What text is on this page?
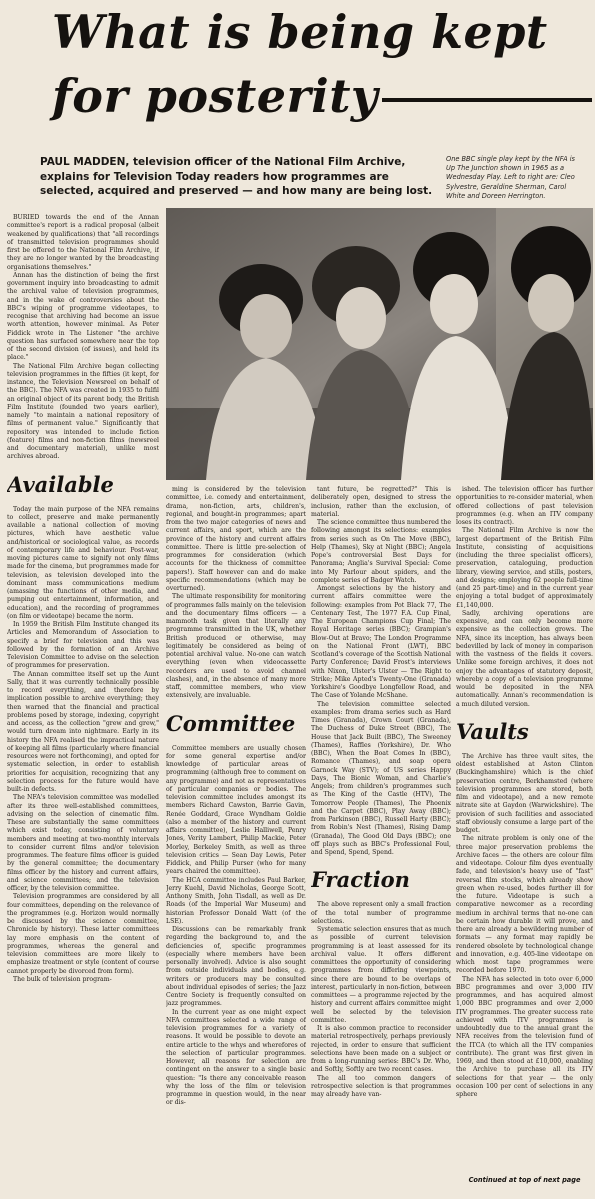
What is being kept
for posterity
PAUL MADDEN, television officer of the National Film Archive, explains for Television Today readers how programmes are selected, acquired and preserved — and how many are being lost.
One BBC single play kept by the NFA is Up The Junction shown in 1965 as a Wednesday Play. Left to right are: Cleo Sylvestre, Geraldine Sherman, Carol White and Doreen Herrington.

BURIED towards the end of the Annan committee's report is a radical proposal (albeit weakened by qualifications) that "all recordings of transmitted television programmes should first be offered to the National Film Archive, if they are no longer wanted by the broadcasting organisations themselves."

Annan has the distinction of being the first government inquiry into broadcasting to admit the archival value of television programmes, and in the wake of controversies about the BBC's wiping of programme videotapes, to recognise that archiving had become an issue worth attention, however minimal. As Peter Fiddick wrote in The Listener "the archive question has surfaced somewhere near the top of the second division (of issues), and held its place."

The National Film Archive began collecting television programmes in the fifties (it kept, for instance, the Television Newsreel on behalf of the BBC). The NFA was created in 1935 to fulfil an original object of its parent body, the British Film Institute (founded two years earlier), namely "to maintain a national repository of films of permanent value." Significantly that repository was intended to include fiction (feature) films and non-fiction films (newsreel and documentary material), unlike most archives abroad.

Available

Today the main purpose of the NFA remains to collect, preserve and make permanently available a national collection of moving pictures, which have aesthetic value and/historical or sociological value, as records of contemporary life and behaviour. Post-war, moving pictures came to signify not only films made for the cinema, but programmes made for television, as television developed into the dominant mass communications medium (amassing the functions of other media, and pumping out entertainment, information, and education), and the recording of programmes (on film or videotape) became the norm.

In 1959 the British Film Institute changed its Articles and Memorandum of Association to specify a brief for television and this was followed by the formation of an Archive Television Committee to advise on the selection of programmes for preservation.

The Annan committee itself set up the Aunt Sally, that it was currently technically possible to record everything, and therefore by implication possible to archive everything; they then warned that the financial and practical problems posed by storage, indexing, copyright and access, as the collection "grew and grew," would turn dream into nightmare. Early in its history the NFA realised the impractical nature of keeping all films (particularly where financial resources were not forthcoming), and opted for systematic selection, in order to establish priorities for acquisition, recognizing that any selection process for the future would have built-in defects.

The NFA's television committee was modelled after its three well-established committees, advising on the selection of cinematic film. These are substantially the same committees which exist today, consisting of voluntary members and meeting at two-monthly intervals to consider current films and/or television programmes. The feature films officer is guided by the general committee; the documentary films officer by the history and current affairs, and science committees; and the television officer, by the television committee.

Television programmes are considered by all four committees, depending on the relevance of the programmes (e.g. Horizon would normally be discussed by the science committee, Chronicle by history). These latter committees lay more emphasis on the content of programmes, whereas the general and television committees are more likely to emphasize treatment or style (content of course cannot properly be divorced from form).

The bulk of television program-

ming is considered by the television committee, i.e. comedy and entertainment, drama, non-fiction, arts, children's, regional, and bought-in programmes; apart from the two major categories of news and current affairs, and sport, which are the province of the history and current affairs committee. There is little pre-selection of programmes for consideration (which accounts for the thickness of committee papers!). Staff however can and do make specific recommendations (which may be overturned).

The ultimate responsibility for monitoring of programmes falls mainly on the television and the documentary films officers — a mammoth task given that literally any programme transmitted in the UK, whether British produced or otherwise, may legitimately be considered as being of potential archival value. No-one can watch everything (even when videocassette recorders are used to avoid channel clashes), and, in the absence of many more staff, committee members, who view extensively, are invaluable.

Committee

Committee members are usually chosen for some general expertise and/or knowledge of particular areas of programming (although free to comment on any programme) and not as representatives of particular companies or bodies. The television committee includes amongst its members Richard Cawston, Barrie Gavin, Renée Goddard, Grace Wyndham Goldie (also a member of the history and current affairs committee), Leslie Halliwell, Penry Jones, Verity Lambert, Philip Mackie, Peter Morley, Berkeley Smith, as well as three television critics — Sean Day Lewis, Peter Fiddick, and Philip Purser (who for many years chaired the committee).

The HCA committee includes Paul Barker, Jerry Kuehl, David Nicholas, George Scott, Anthony Smith, John Tisdall, as well as Dr. Roads (of the Imperial War Museum) and historian Professor Donald Watt (of the LSE).

Discussions can be remarkably frank regarding the background to, and the deficiencies of, specific programmes (especially where members have been personally involved). Advice is also sought from outside individuals and bodies, e.g. writers or producers may be consulted about individual episodes of series; the Jazz Centre Society is frequently consulted on jazz programmes.

In the current year as one might expect NFA committees selected a wide range of television programmes for a variety of reasons. It would be possible to devote an entire article to the whys and wherefores of the selection of particular programmes. However, all reasons for selection are contingent on the answer to a single basic question: "Is there any conceivable reason why the loss of the film or television programme in question would, in the near or dis-

tant future, be regretted?" This is deliberately open, designed to stress the inclusion, rather than the exclusion, of material.

The science committee thus numbered the following amongst its selections: examples from series such as On The Move (BBC), Help (Thames), Sky at Night (BBC); Angela Pope's controversial Best Days for Panorama; Anglia's Survival Special: Come into My Parlour about spiders, and the complete series of Badger Watch.

Amongst selections by the history and current affairs committee were the following: examples from Pot Black 77, The Centenary Test, The 1977 F.A. Cup Final, The European Champions Cup Final; The Royal Heritage series (BBC); Grampian's Blow-Out at Bravo; The London Programme on the National Front (LWT), BBC Scotland's coverage of the Scottish National Party Conference; David Frost's interviews with Nixon, Ulster's Ulster — The Right to Strike; Mike Apted's Twenty-One (Granada) Yorkshire's Goodbye Longfellow Road, and The Case of Yolande McShane.

The television committee selected examples: from drama series such as Hard Times (Granada), Crown Court (Granada), The Duchess of Duke Street (BBC), The House that Jack Built (BBC), The Sweeney (Thames), Raffles (Yorkshire), Dr. Who (BBC), When the Boat Comes In (BBC), Romance (Thames), and soap opera Garnock Way (STV); of US series Happy Days, The Bionic Woman, and Charlie's Angels; from children's programmes such as The King of the Castle (HTV), The Tomorrow People (Thames), The Phoenix and the Carpet (BBC), Play Away (BBC); from Parkinson (BBC), Russell Harty (BBC); from Robin's Nest (Thames), Rising Damp (Granada), The Good Old Days (BBC); one off plays such as BBC's Professional Foul, and Spend, Spend, Spend.

Fraction

The above represent only a small fraction of the total number of programme selections.

Systematic selection ensures that as much as possible of current television programming is at least assessed for its archival value. It offers different committees the opportunity of considering programmes from differing viewpoints, since there are bound to be overlaps of interest, particularly in non-fiction, between committees — a programme rejected by the history and current affairs committee might well be selected by the television committee.

It is also common practice to reconsider material retrospectively, perhaps previously rejected, in order to ensure that sufficient selections have been made on a subject or from a long-running series: BBC's Dr. Who, and Softly, Softly are two recent cases.

The all too common dangers of retrospective selection is that programmes may already have van-

ished. The television officer has further opportunities to re-consider material, when offered collections of past television programmes (e.g. when an ITV company loses its contract).

The National Film Archive is now the largest department of the British Film Institute, consisting of acquisitions (including the three specialist officers), preservation, cataloguing, production library, viewing service, and stills, posters, and designs; employing 62 people full-time (and 25 part-time) and in the current year enjoying a total budget of approximately £1,140,000.

Sadly, archiving operations are expensive, and can only become more expensive as the collection grows. The NFA, since its inception, has always been bedevilled by lack of money in comparison with the vastness of the fields it covers. Unlike some foreign archives, it does not enjoy the advantages of statutory deposit, whereby a copy of a television programme would be deposited in the NFA automatically. Annan's recommendation is a much diluted version.

Vaults

The Archive has three vault sites, the oldest established at Aston Clinton (Buckinghamshire) which is the chief preservation centre, Berkhamsted (where television programmes are stored, both film and videotape), and a new remote nitrate site at Gaydon (Warwickshire). The provision of such facilities and associated staff obviously consume a large part of the budget.

The nitrate problem is only one of the three major preservation problems the Archive faces — the others are colour film and videotape. Colour film dyes eventually fade, and television's heavy use of "fast" reversal film stocks, which already show green when re-used, bodes further ill for the future. Videotape is such a comparative newcomer as a recording medium in archival terms that no-one can be certain how durable it will prove, and there are already a bewildering number of formats — any format may rapidly be rendered obsolete by technological change and innovation, e.g. 405-line videotape on which most tape programmes were recorded before 1970.

The NFA has selected in toto over 6,000 BBC programmes and over 3,000 ITV programmes, and has acquired almost 1,000 BBC programmes and over 2,000 ITV programmes. The greater success rate achieved with ITV programmes is undoubtedly due to the annual grant the NFA receives from the television fund of the ITCA (to which all the ITV companies contribute). The grant was first given in 1969, and then stood at £10,000, enabling the Archive to purchase all its ITV selections for that year — the only occasion 100 per cent of selections in any sphere

Continued at top of next page
